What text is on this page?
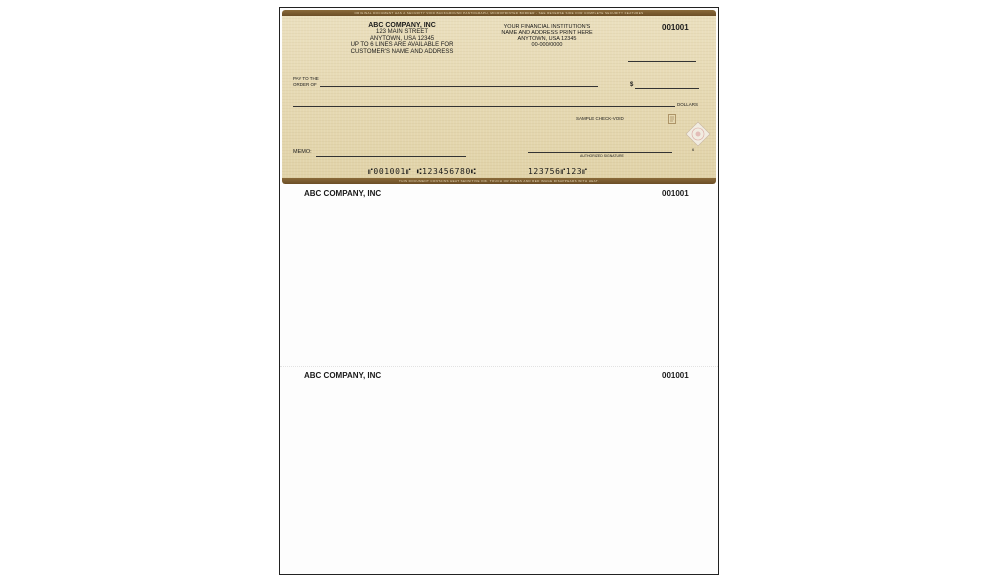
ORIGINAL DOCUMENT HAS A SECURITY VOID BACKGROUND PANTOGRAPH, MICROPRINTED BORDER - SEE REVERSE SIDE FOR COMPLETE SECURITY FEATURES
ABC COMPANY, INC
123 MAIN STREET
ANYTOWN, USA 12345
UP TO 6 LINES ARE AVAILABLE FOR
CUSTOMER'S NAME AND ADDRESS
YOUR FINANCIAL INSTITUTION'S
NAME AND ADDRESS PRINT HERE
ANYTOWN, USA 12345
00-000/0000
001001
PAY TO THE
ORDER OF	$
DOLLARS
SAMPLE CHECK-VOID
6
MEMO:
AUTHORIZED SIGNATURE
⑈001001⑈ ⑆123456780⑆	123756⑈123⑈
THIS DOCUMENT CONTAINS HEAT SENSITIVE INK. TOUCH OR PRESS AND RED IMAGE DISAPPEARS WITH HEAT.
ABC COMPANY, INC	001001
ABC COMPANY, INC	001001
